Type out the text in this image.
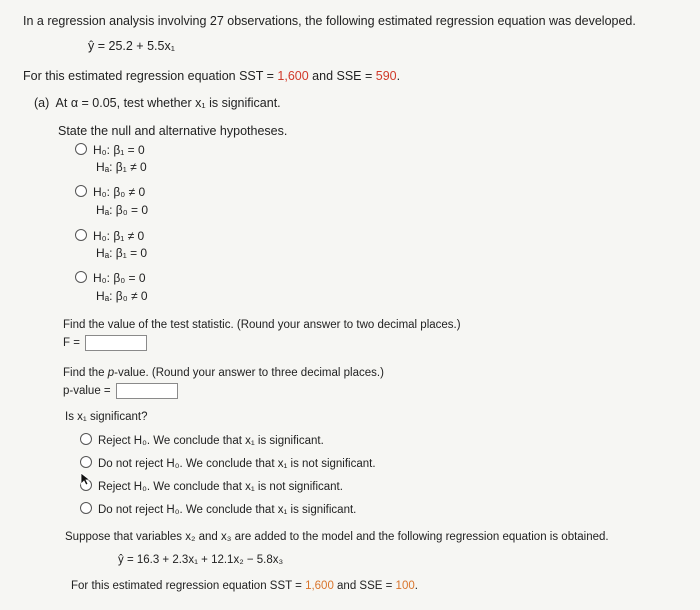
In a regression analysis involving 27 observations, the following estimated regression equation was developed.
ŷ = 25.2 + 5.5x₁
For this estimated regression equation SST = 1,600 and SSE = 590.
(a) At α = 0.05, test whether x₁ is significant.
State the null and alternative hypotheses.
H₀: β₁ = 0
Hₐ: β₁ ≠ 0
H₀: β₀ ≠ 0
Hₐ: β₀ = 0
H₀: β₁ ≠ 0
Hₐ: β₁ = 0
H₀: β₀ = 0
Hₐ: β₀ ≠ 0
Find the value of the test statistic. (Round your answer to two decimal places.)
F =
Find the p-value. (Round your answer to three decimal places.)
p-value =
Is x₁ significant?
Reject H₀. We conclude that x₁ is significant.
Do not reject H₀. We conclude that x₁ is not significant.
Reject H₀. We conclude that x₁ is not significant.
Do not reject H₀. We conclude that x₁ is significant.
Suppose that variables x₂ and x₃ are added to the model and the following regression equation is obtained.
ŷ = 16.3 + 2.3x₁ + 12.1x₂ − 5.8x₃
For this estimated regression equation SST = 1,600 and SSE = 100.
